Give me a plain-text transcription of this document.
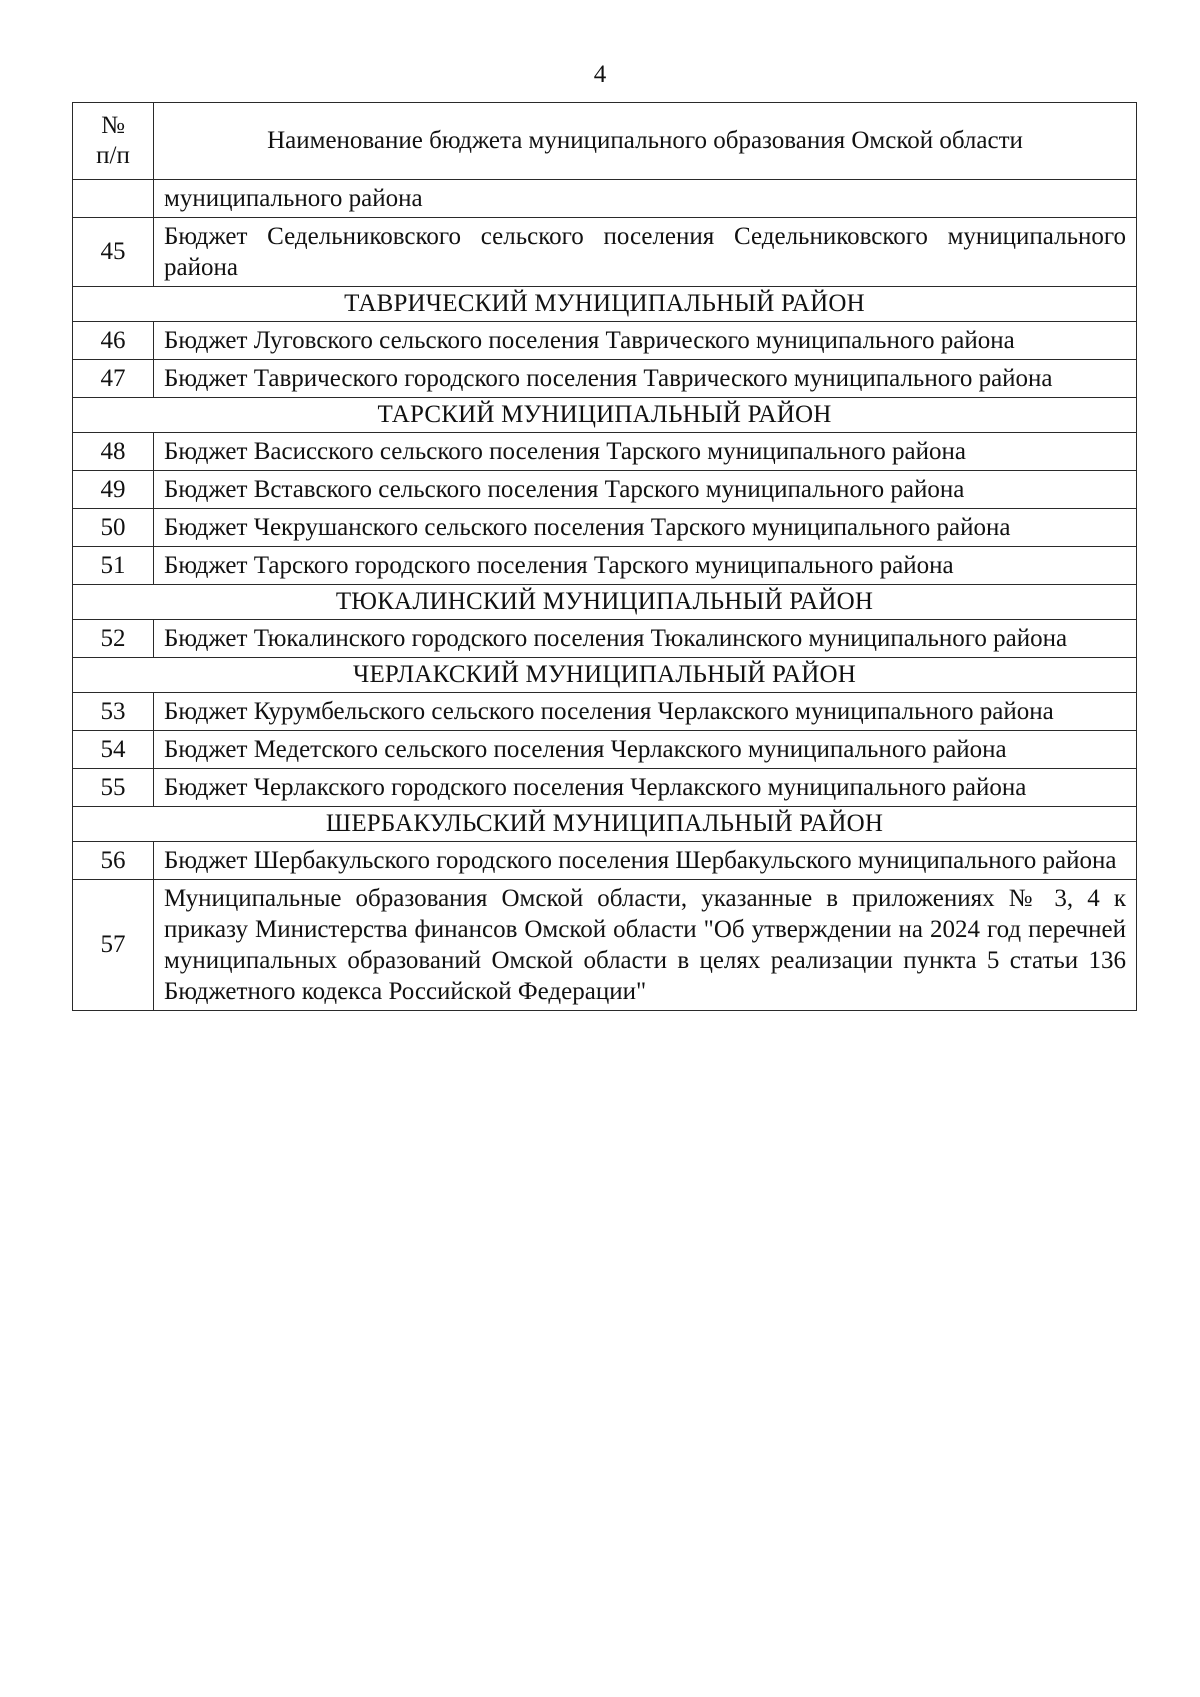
4
№
п/п	Наименование бюджета муниципального образования Омской области
	муниципального района
45	Бюджет Седельниковского сельского поселения Седельниковского муниципального района
ТАВРИЧЕСКИЙ МУНИЦИПАЛЬНЫЙ РАЙОН	
46	Бюджет Луговского сельского поселения Таврического муниципального района
47	Бюджет Таврического городского поселения Таврического муниципального района
ТАРСКИЙ МУНИЦИПАЛЬНЫЙ РАЙОН	
48	Бюджет Васисского сельского поселения Тарского муниципального района
49	Бюджет Вставского сельского поселения Тарского муниципального района
50	Бюджет Чекрушанского сельского поселения Тарского муниципального района
51	Бюджет Тарского городского поселения Тарского муниципального района
ТЮКАЛИНСКИЙ МУНИЦИПАЛЬНЫЙ РАЙОН	
52	Бюджет Тюкалинского городского поселения Тюкалинского муниципального района
ЧЕРЛАКСКИЙ МУНИЦИПАЛЬНЫЙ РАЙОН	
53	Бюджет Курумбельского сельского поселения Черлакского муниципального района
54	Бюджет Медетского сельского поселения Черлакского муниципального района
55	Бюджет Черлакского городского поселения Черлакского муниципального района
ШЕРБАКУЛЬСКИЙ МУНИЦИПАЛЬНЫЙ РАЙОН	
56	Бюджет Шербакульского городского поселения Шербакульского муниципального района
57	Муниципальные образования Омской области, указанные в приложениях № 3, 4 к приказу Министерства финансов Омской области "Об утверждении на 2024 год перечней муниципальных образований Омской области в целях реализации пункта 5 статьи 136 Бюджетного кодекса Российской Федерации"
